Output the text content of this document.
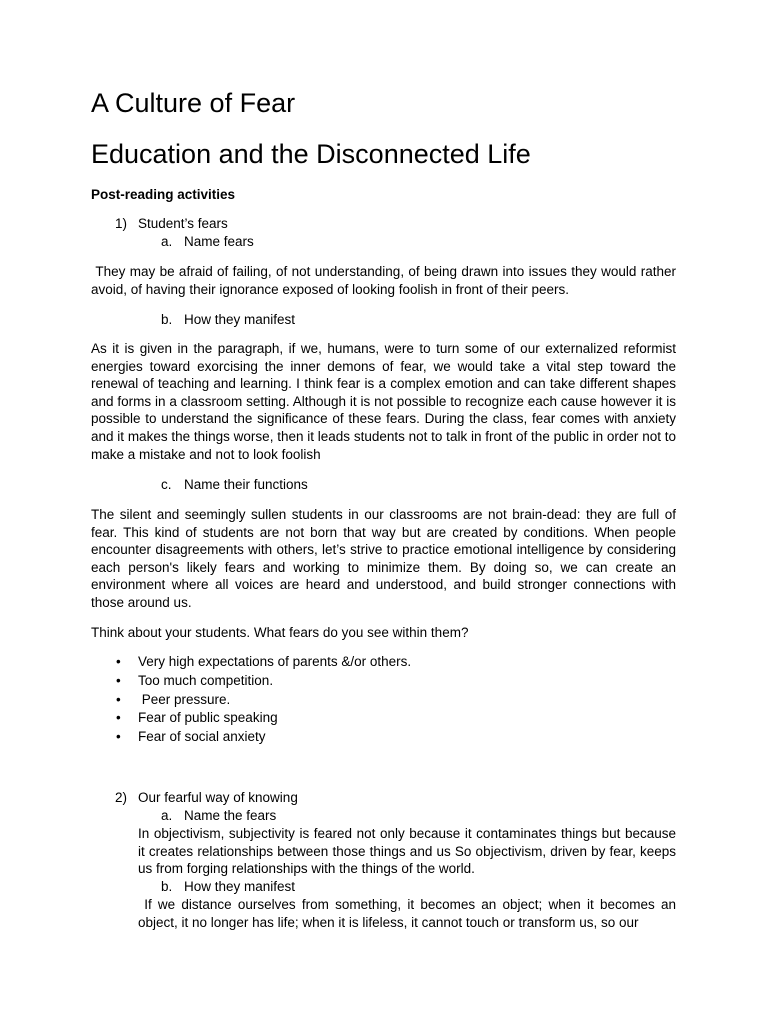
A Culture of Fear
Education and the Disconnected Life
Post-reading activities
1) Student’s fears
a. Name fears

They may be afraid of failing, of not understanding, of being drawn into issues they would rather avoid, of having their ignorance exposed of looking foolish in front of their peers.

b. How they manifest

As it is given in the paragraph, if we, humans, were to turn some of our externalized reformist energies toward exorcising the inner demons of fear, we would take a vital step toward the renewal of teaching and learning. I think fear is a complex emotion and can take different shapes and forms in a classroom setting. Although it is not possible to recognize each cause however it is possible to understand the significance of these fears. During the class, fear comes with anxiety and it makes the things worse, then it leads students not to talk in front of the public in order not to make a mistake and not to look foolish

c. Name their functions

The silent and seemingly sullen students in our classrooms are not brain-dead: they are full of fear. This kind of students are not born that way but are created by conditions. When people encounter disagreements with others, let’s strive to practice emotional intelligence by considering each person's likely fears and working to minimize them. By doing so, we can create an environment where all voices are heard and understood, and build stronger connections with those around us.

Think about your students. What fears do you see within them?

• Very high expectations of parents &/or others.
• Too much competition.
• Peer pressure.
• Fear of public speaking
• Fear of social anxiety
2) Our fearful way of knowing
a. Name the fears

In objectivism, subjectivity is feared not only because it contaminates things but because it creates relationships between those things and us So objectivism, driven by fear, keeps us from forging relationships with the things of the world.

b. How they manifest

If we distance ourselves from something, it becomes an object; when it becomes an object, it no longer has life; when it is lifeless, it cannot touch or transform us, so our
